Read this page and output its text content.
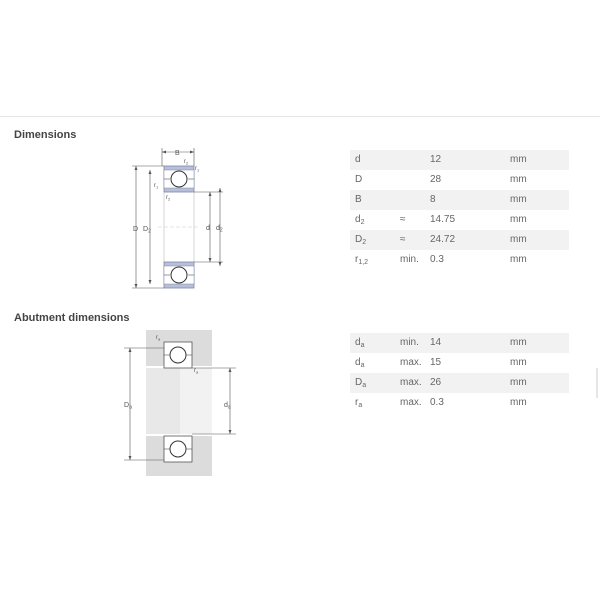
Dimensions
B
$r_2$
$r_1$
$r_1$
$r_2$
D $D_2$	d $d_2$
d	12	mm
D	28	mm
B	8	mm
$d_2$	≈ 14.75	mm
$D_2$	≈ 24.72	mm
$r_{1,2}$	min. 0.3	mm
Abutment dimensions
$r_a$
$r_a$
$D_a$	$d_a$
$d_a$	min. 14	mm
$d_a$	max. 15	mm
$D_a$	max. 26	mm
$r_a$	max. 0.3	mm
